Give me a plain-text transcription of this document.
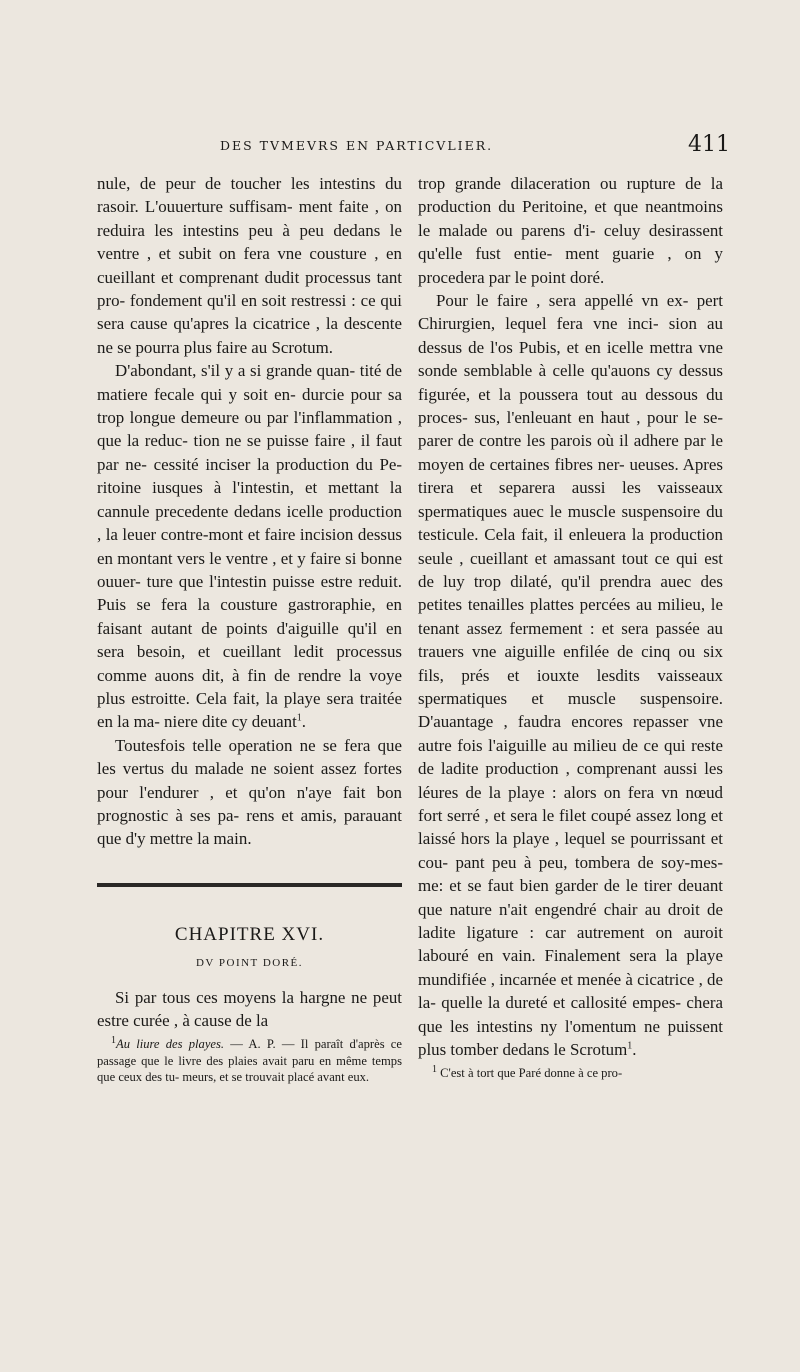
DES TVMEVRS EN PARTICVLIER.	411

nule, de peur de toucher les intestins du rasoir. L'ouuerture suffisam- ment faite , on reduira les intestins peu à peu dedans le ventre , et subit on fera vne cousture , en cueillant et comprenant dudit processus tant pro- fondement qu'il en soit restressi : ce qui sera cause qu'apres la cicatrice , la descente ne se pourra plus faire au Scrotum.

D'abondant, s'il y a si grande quan- tité de matiere fecale qui y soit en- durcie pour sa trop longue demeure ou par l'inflammation , que la reduc- tion ne se puisse faire , il faut par ne- cessité inciser la production du Pe- ritoine iusques à l'intestin, et mettant la cannule precedente dedans icelle production , la leuer contre-mont et faire incision dessus en montant vers le ventre , et y faire si bonne ouuer- ture que l'intestin puisse estre reduit. Puis se fera la cousture gastroraphie, en faisant autant de points d'aiguille qu'il en sera besoin, et cueillant ledit processus comme auons dit, à fin de rendre la voye plus estroitte. Cela fait, la playe sera traitée en la ma- niere dite cy deuant$^1$.

Toutesfois telle operation ne se fera que les vertus du malade ne soient assez fortes pour l'endurer , et qu'on n'aye fait bon prognostic à ses pa- rens et amis, parauant que d'y mettre la main.

CHAPITRE XVI.
DV POINT DORÉ.

Si par tous ces moyens la hargne ne peut estre curée , à cause de la

$^1$Au liure des playes. — A. P. — Il paraît d'après ce passage que le livre des plaies avait paru en même temps que ceux des tu- meurs, et se trouvait placé avant eux.

trop grande dilaceration ou rupture de la production du Peritoine, et que neantmoins le malade ou parens d'i- celuy desirassent qu'elle fust entie- ment guarie , on y procedera par le point doré.

Pour le faire , sera appellé vn ex- pert Chirurgien, lequel fera vne inci- sion au dessus de l'os Pubis, et en icelle mettra vne sonde semblable à celle qu'auons cy dessus figurée, et la poussera tout au dessous du proces- sus, l'enleuant en haut , pour le se- parer de contre les parois où il adhere par le moyen de certaines fibres ner- ueuses. Apres tirera et separera aussi les vaisseaux spermatiques auec le muscle suspensoire du testicule. Cela fait, il enleuera la production seule , cueillant et amassant tout ce qui est de luy trop dilaté, qu'il prendra auec des petites tenailles plattes percées au milieu, le tenant assez fermement : et sera passée au trauers vne aiguille enfilée de cinq ou six fils, prés et iouxte lesdits vaisseaux spermatiques et muscle suspensoire. D'auantage , faudra encores repasser vne autre fois l'aiguille au milieu de ce qui reste de ladite production , comprenant aussi les léures de la playe : alors on fera vn nœud fort serré , et sera le filet coupé assez long et laissé hors la playe , lequel se pourrissant et cou- pant peu à peu, tombera de soy-mes- me: et se faut bien garder de le tirer deuant que nature n'ait engendré chair au droit de ladite ligature : car autrement on auroit labouré en vain. Finalement sera la playe mundifiée , incarnée et menée à cicatrice , de la- quelle la dureté et callosité empes- chera que les intestins ny l'omentum ne puissent plus tomber dedans le Scrotum$^1$.

$^1$ C'est à tort que Paré donne à ce pro-
